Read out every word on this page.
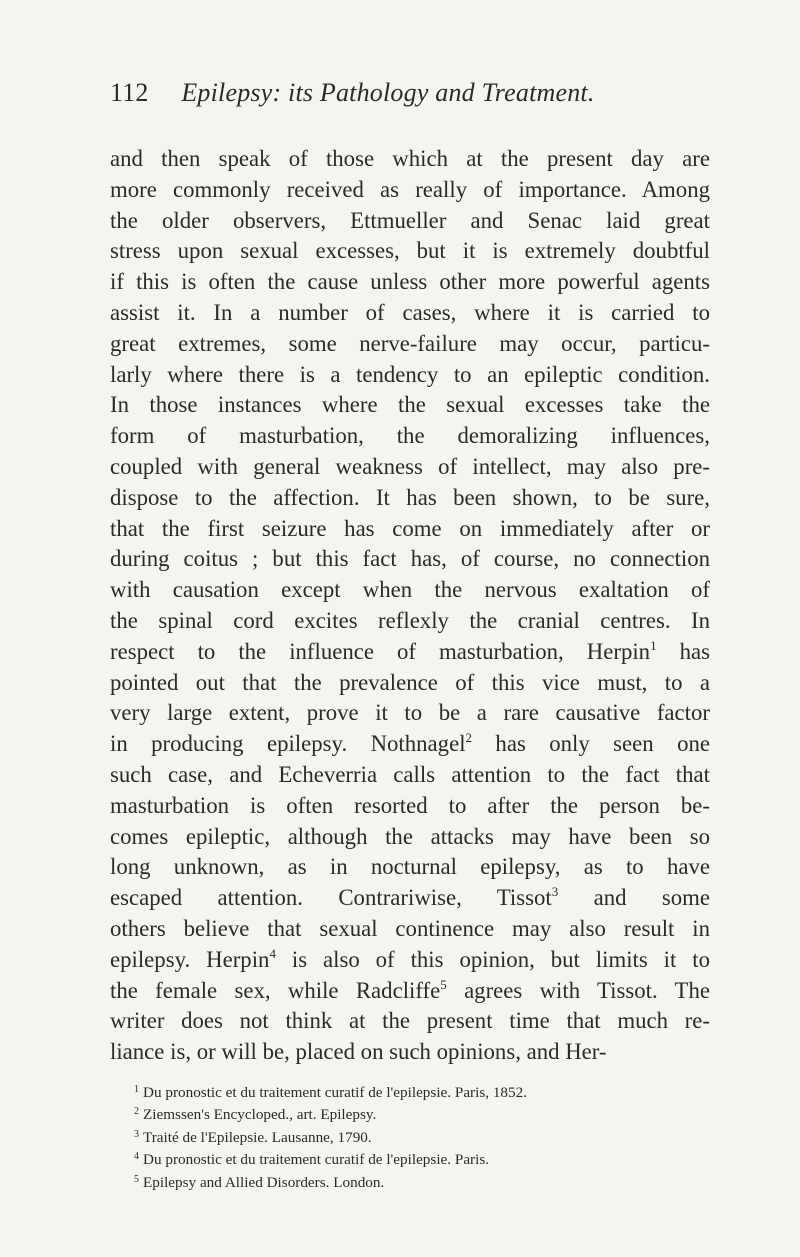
112 Epilepsy: its Pathology and Treatment.
and then speak of those which at the present day are
more commonly received as really of importance. Among
the older observers, Ettmueller and Senac laid great
stress upon sexual excesses, but it is extremely doubtful
if this is often the cause unless other more powerful agents
assist it. In a number of cases, where it is carried to
great extremes, some nerve-failure may occur, particu-
larly where there is a tendency to an epileptic condition.
In those instances where the sexual excesses take the
form of masturbation, the demoralizing influences,
coupled with general weakness of intellect, may also pre-
dispose to the affection. It has been shown, to be sure,
that the first seizure has come on immediately after or
during coitus ; but this fact has, of course, no connection
with causation except when the nervous exaltation of
the spinal cord excites reflexly the cranial centres. In
respect to the influence of masturbation, Herpin$^1$ has
pointed out that the prevalence of this vice must, to a
very large extent, prove it to be a rare causative factor
in producing epilepsy. Nothnagel$^2$ has only seen one
such case, and Echeverria calls attention to the fact that
masturbation is often resorted to after the person be-
comes epileptic, although the attacks may have been so
long unknown, as in nocturnal epilepsy, as to have
escaped attention. Contrariwise, Tissot$^3$ and some
others believe that sexual continence may also result in
epilepsy. Herpin$^4$ is also of this opinion, but limits it to
the female sex, while Radcliffe$^5$ agrees with Tissot. The
writer does not think at the present time that much re-
liance is, or will be, placed on such opinions, and Her-
$^1$ Du pronostic et du traitement curatif de l'epilepsie. Paris, 1852.
$^2$ Ziemssen's Encycloped., art. Epilepsy.
$^3$ Traité de l'Epilepsie. Lausanne, 1790.
$^4$ Du pronostic et du traitement curatif de l'epilepsie. Paris.
$^5$ Epilepsy and Allied Disorders. London.
